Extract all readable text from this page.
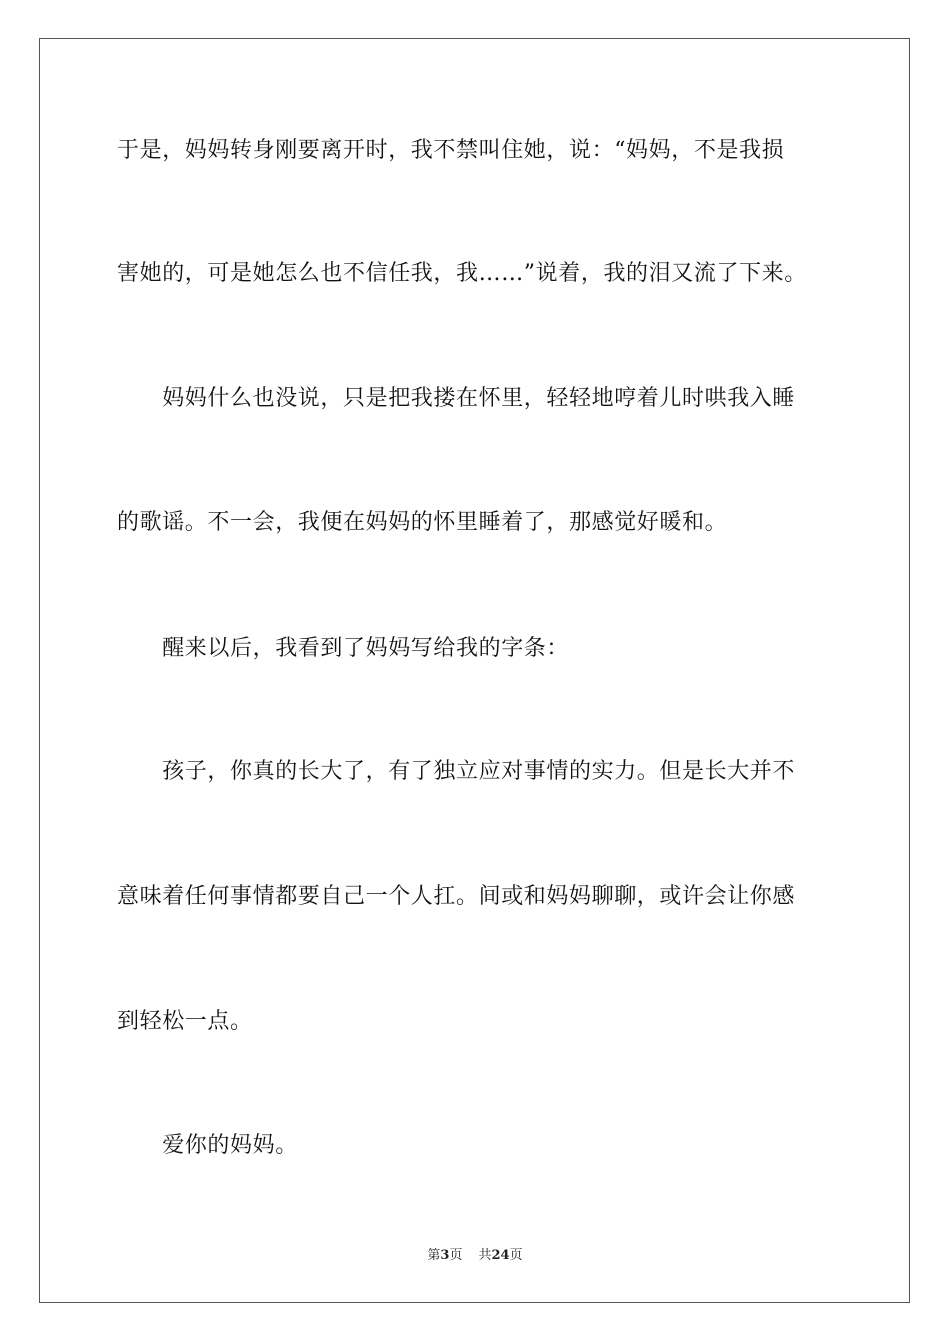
于是，妈妈转身刚要离开时，我不禁叫住她，说：“妈妈，不是我损
害她的，可是她怎么也不信任我，我……”说着，我的泪又流了下来。
　　妈妈什么也没说，只是把我搂在怀里，轻轻地哼着儿时哄我入睡
的歌谣。不一会，我便在妈妈的怀里睡着了，那感觉好暖和。
　　醒来以后，我看到了妈妈写给我的字条：
　　孩子，你真的长大了，有了独立应对事情的实力。但是长大并不
意味着任何事情都要自己一个人扛。间或和妈妈聊聊，或许会让你感
到轻松一点。
　　爱你的妈妈。
第3页 共24页
